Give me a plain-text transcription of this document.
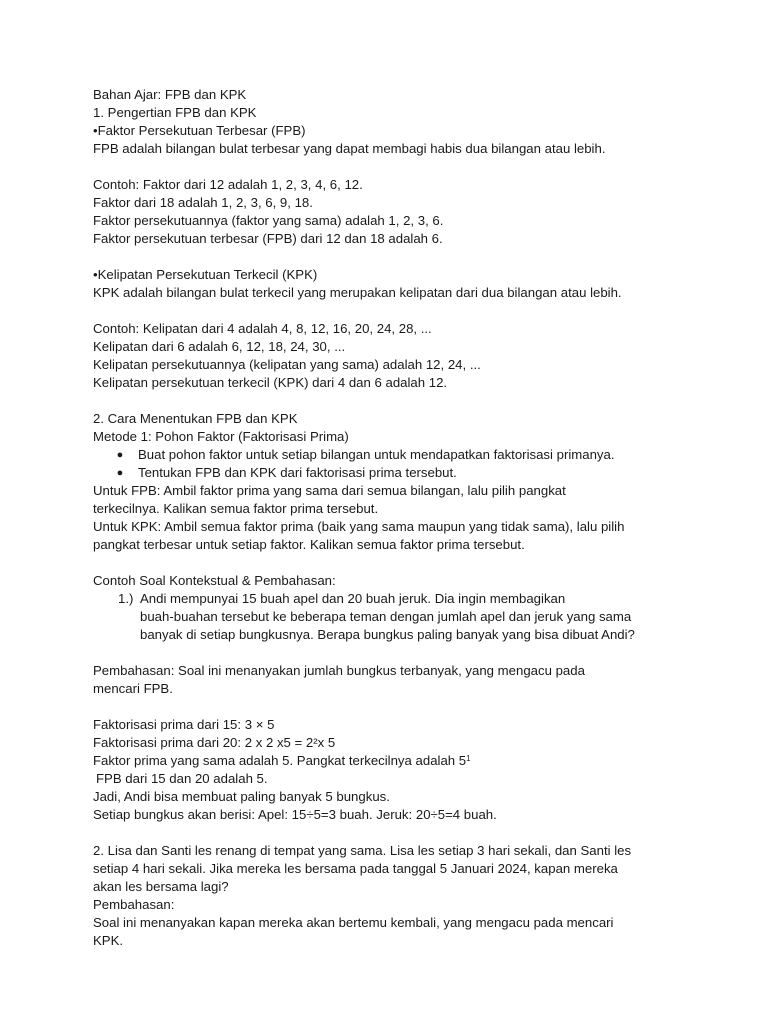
Bahan Ajar: FPB dan KPK
1. Pengertian FPB dan KPK
•Faktor Persekutuan Terbesar (FPB)
FPB adalah bilangan bulat terbesar yang dapat membagi habis dua bilangan atau lebih.
Contoh: Faktor dari 12 adalah 1, 2, 3, 4, 6, 12.
Faktor dari 18 adalah 1, 2, 3, 6, 9, 18.
Faktor persekutuannya (faktor yang sama) adalah 1, 2, 3, 6.
Faktor persekutuan terbesar (FPB) dari 12 dan 18 adalah 6.
•Kelipatan Persekutuan Terkecil (KPK)
KPK adalah bilangan bulat terkecil yang merupakan kelipatan dari dua bilangan atau lebih.
Contoh: Kelipatan dari 4 adalah 4, 8, 12, 16, 20, 24, 28, ...
Kelipatan dari 6 adalah 6, 12, 18, 24, 30, ...
Kelipatan persekutuannya (kelipatan yang sama) adalah 12, 24, ...
Kelipatan persekutuan terkecil (KPK) dari 4 dan 6 adalah 12.
2. Cara Menentukan FPB dan KPK
Metode 1: Pohon Faktor (Faktorisasi Prima)
● Buat pohon faktor untuk setiap bilangan untuk mendapatkan faktorisasi primanya.
● Tentukan FPB dan KPK dari faktorisasi prima tersebut.
Untuk FPB: Ambil faktor prima yang sama dari semua bilangan, lalu pilih pangkat
terkecilnya. Kalikan semua faktor prima tersebut.
Untuk KPK: Ambil semua faktor prima (baik yang sama maupun yang tidak sama), lalu pilih
pangkat terbesar untuk setiap faktor. Kalikan semua faktor prima tersebut.
Contoh Soal Kontekstual & Pembahasan:
1.) Andi mempunyai 15 buah apel dan 20 buah jeruk. Dia ingin membagikan
buah-buahan tersebut ke beberapa teman dengan jumlah apel dan jeruk yang sama
banyak di setiap bungkusnya. Berapa bungkus paling banyak yang bisa dibuat Andi?
Pembahasan: Soal ini menanyakan jumlah bungkus terbanyak, yang mengacu pada
mencari FPB.
Faktorisasi prima dari 15: 3 × 5
Faktorisasi prima dari 20: 2 x 2 x5 = 2²x 5
Faktor prima yang sama adalah 5. Pangkat terkecilnya adalah $5^1$
FPB dari 15 dan 20 adalah 5.
Jadi, Andi bisa membuat paling banyak 5 bungkus.
Setiap bungkus akan berisi: Apel: 15÷5=3 buah. Jeruk: 20÷5=4 buah.
2. Lisa dan Santi les renang di tempat yang sama. Lisa les setiap 3 hari sekali, dan Santi les
setiap 4 hari sekali. Jika mereka les bersama pada tanggal 5 Januari 2024, kapan mereka
akan les bersama lagi?
Pembahasan:
Soal ini menanyakan kapan mereka akan bertemu kembali, yang mengacu pada mencari
KPK.
